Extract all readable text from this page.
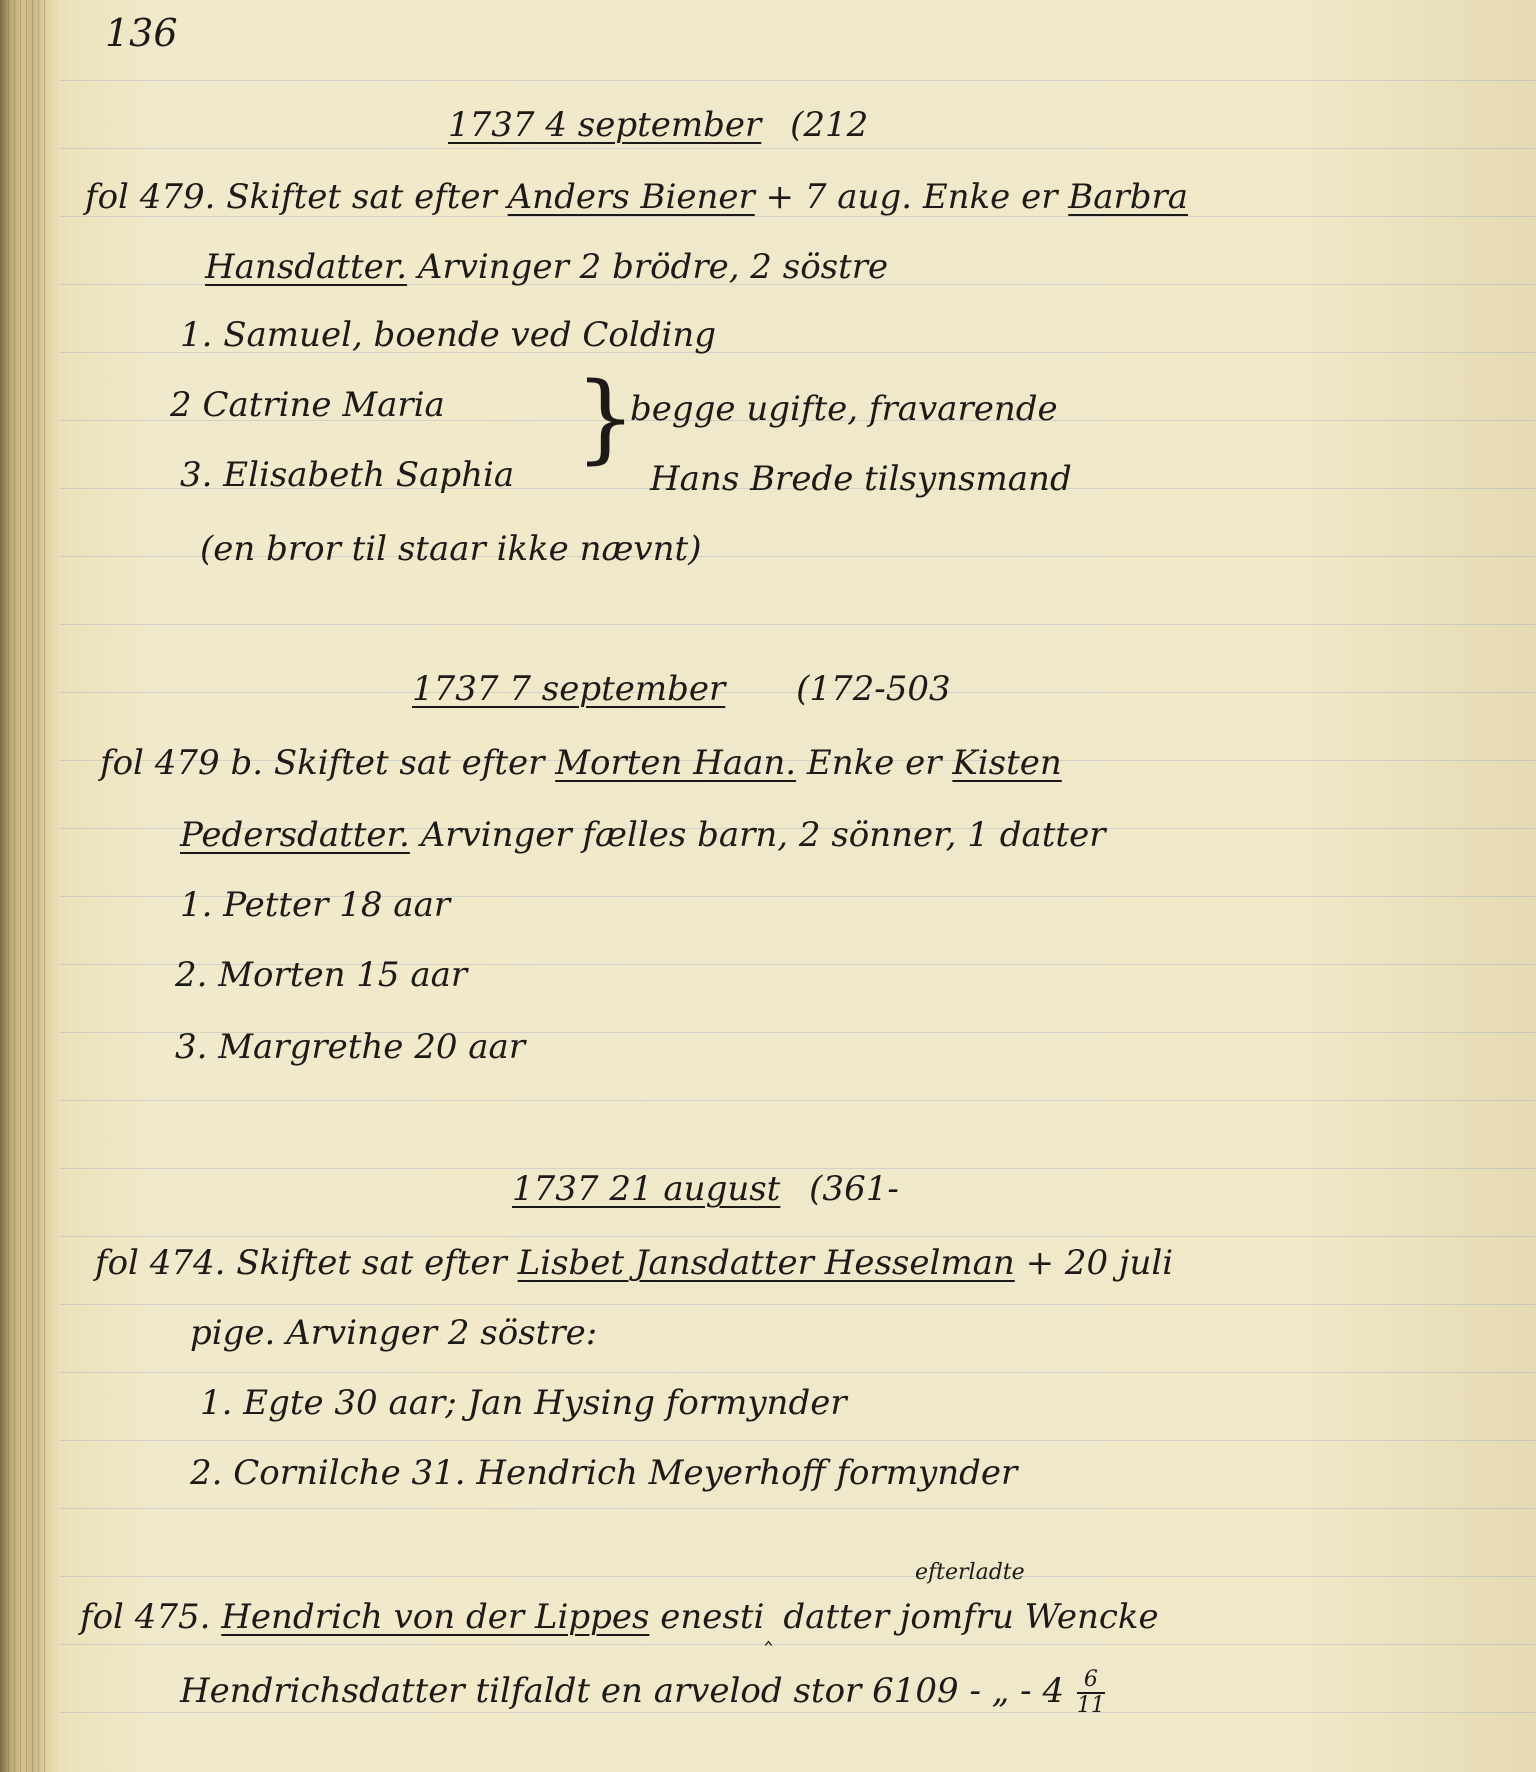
136
1737 4 september (212
fol 479. Skiftet sat efter Anders Biener + 7 aug. Enke er Barbra
Hansdatter. Arvinger 2 brödre, 2 söstre
1. Samuel, boende ved Colding
2 Catrine Maria
3. Elisabeth Saphia
}
begge ugifte, fravarende
Hans Brede tilsynsmand
(en bror til staar ikke nævnt)
1737 7 september (172-503
fol 479 b. Skiftet sat efter Morten Haan. Enke er Kisten
Pedersdatter. Arvinger fælles barn, 2 sönner, 1 datter
1. Petter 18 aar
2. Morten 15 aar
3. Margrethe 20 aar
1737 21 august (361-
fol 474. Skiftet sat efter Lisbet Jansdatter Hesselman + 20 juli
pige. Arvinger 2 söstre:
1. Egte 30 aar; Jan Hysing formynder
2. Cornilche 31. Hendrich Meyerhoff formynder
efterladte
fol 475. Hendrich von der Lippes enesti$_‸$ datter jomfru Wencke
Hendrichsdatter tilfaldt en arvelod stor 6109 - „ - $4 \frac{6}{11}$
